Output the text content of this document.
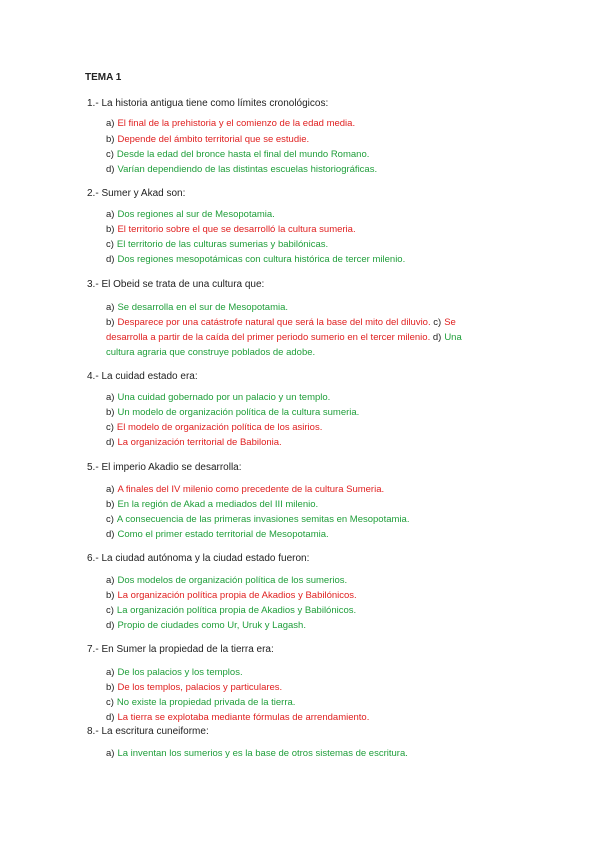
TEMA 1
1.- La historia antigua tiene como límites cronológicos:
a) El final de la prehistoria y el comienzo de la edad media.
b) Depende del ámbito territorial que se estudie.
c) Desde la edad del bronce hasta el final del mundo Romano.
d) Varían dependiendo de las distintas escuelas historiográficas.
2.- Sumer y Akad son:
a) Dos regiones al sur de Mesopotamia.
b) El territorio sobre el que se desarrolló la cultura sumeria.
c) El territorio de las culturas sumerias y babilónicas.
d) Dos regiones mesopotámicas con cultura histórica de tercer milenio.
3.- El Obeid se trata de una cultura que:
a) Se desarrolla en el sur de Mesopotamia.
b) Desparece por una catástrofe natural que será la base del mito del diluvio. c) Se desarrolla a partir de la caída del primer periodo sumerio en el tercer milenio. d) Una cultura agraria que construye poblados de adobe.
4.- La cuidad estado era:
a) Una cuidad gobernado por un palacio y un templo.
b) Un modelo de organización política de la cultura sumeria.
c) El modelo de organización política de los asirios.
d) La organización territorial de Babilonia.
5.- El imperio Akadio se desarrolla:
a) A finales del IV milenio como precedente de la cultura Sumeria.
b) En la región de Akad a mediados del III milenio.
c) A consecuencia de las primeras invasiones semitas en Mesopotamia.
d) Como el primer estado territorial de Mesopotamia.
6.- La ciudad autónoma y la ciudad estado fueron:
a) Dos modelos de organización política de los sumerios.
b) La organización política propia de Akadios y Babilónicos.
c) La organización política propia de Akadios y Babilónicos.
d) Propio de ciudades como Ur, Uruk y Lagash.
7.- En Sumer la propiedad de la tierra era:
a) De los palacios y los templos.
b) De los templos, palacios y particulares.
c) No existe la propiedad privada de la tierra.
d) La tierra se explotaba mediante fórmulas de arrendamiento.
8.- La escritura cuneiforme:
a) La inventan los sumerios y es la base de otros sistemas de escritura.
